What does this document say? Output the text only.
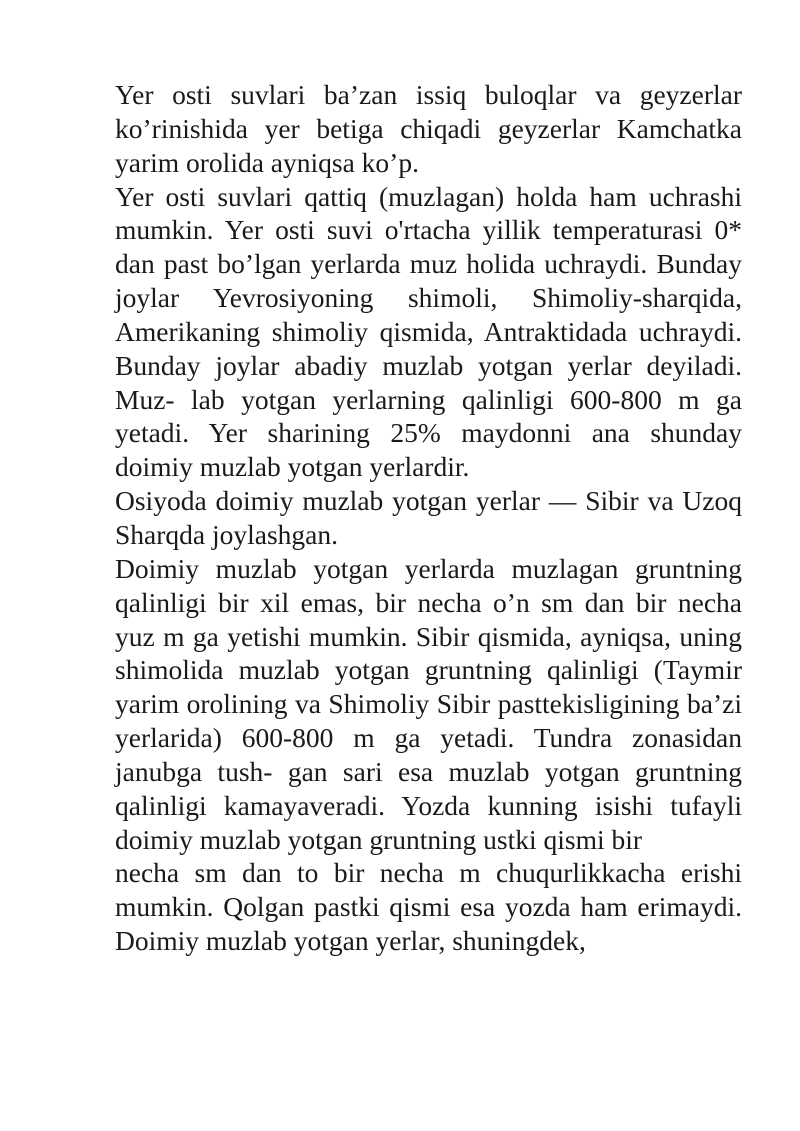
Yer osti suvlari ba’zan issiq buloqlar va geyzerlar ko’rinishida yer betiga chiqadi geyzerlar Kamchatka yarim orolida ayniqsa ko’p.

Yer osti suvlari qattiq (muzlagan) holda ham uchrashi mumkin. Yer osti suvi o'rtacha yillik temperaturasi 0* dan past bo’lgan yerlarda muz holida uchraydi. Bunday joylar Yevrosiyoning shimoli, Shimoliy-sharqida, Amerikaning shimoliy qismida, Antraktidada uchraydi. Bunday joylar abadiy muzlab yotgan yerlar deyiladi. Muz- lab yotgan yerlarning qalinligi 600-800 m ga yetadi. Yer sharining 25% maydonni ana shunday doimiy muzlab yotgan yerlardir.

Osiyoda doimiy muzlab yotgan yerlar — Sibir va Uzoq Sharqda joylashgan.

Doimiy muzlab yotgan yerlarda muzlagan gruntning qalinligi bir xil emas, bir necha o’n sm dan bir necha yuz m ga yetishi mumkin. Sibir qismida, ayniqsa, uning shimolida muzlab yotgan gruntning qalinligi (Taymir yarim orolining va Shimoliy Sibir pasttekisligining ba’zi yerlarida) 600-800 m ga yetadi. Tundra zonasidan janubga tush- gan sari esa muzlab yotgan gruntning qalinligi kamayaveradi. Yozda kunning isishi tufayli doimiy muzlab yotgan gruntning ustki qismi bir

necha sm dan to bir necha m chuqurlikkacha erishi mumkin. Qolgan pastki qismi esa yozda ham erimaydi. Doimiy muzlab yotgan yerlar, shuningdek,
